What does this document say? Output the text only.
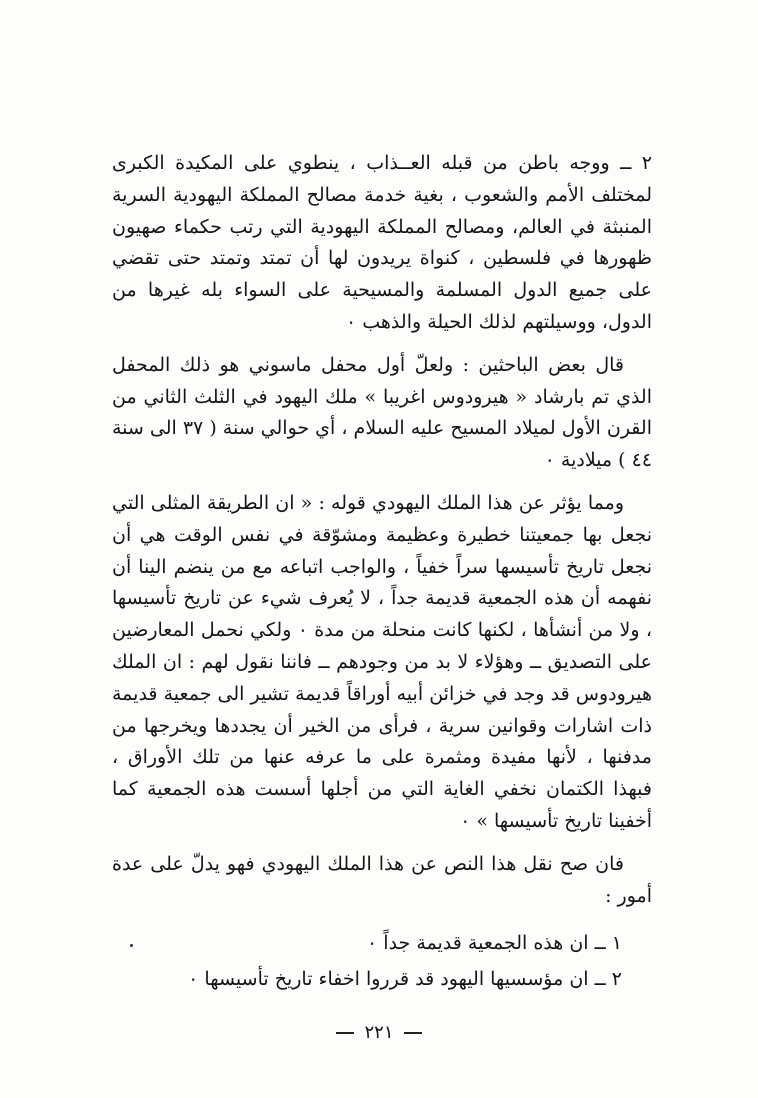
٢ ــ ووجه باطن من قبله العــذاب ، ينطوي على المكيدة الكبرى لمختلف الأمم والشعوب ، بغية خدمة مصالح المملكة اليهودية السرية المنبثة في العالم، ومصالح المملكة اليهودية التي رتب حكماء صهيون ظهورها في فلسطين ، كنواة يريدون لها أن تمتد وتمتد حتى تقضي على جميع الدول المسلمة والمسيحية على السواء بله غيرها من الدول، ووسيلتهم لذلك الحيلة والذهب ٠

قال بعض الباحثين : ولعلّ أول محفل ماسوني هو ذلك المحفل الذي تم بارشاد « هيرودوس اغريبا » ملك اليهود في الثلث الثاني من القرن الأول لميلاد المسيح عليه السلام ، أي حوالي سنة ( ٣٧ الى سنة ٤٤ ) ميلادية ٠

ومما يؤثر عن هذا الملك اليهودي قوله : « ان الطريقة المثلى التي نجعل بها جمعيتنا خطيرة وعظيمة ومشوّقة في نفس الوقت هي أن نجعل تاريخ تأسيسها سراً خفياً ، والواجب اتباعه مع من ينضم الينا أن نفهمه أن هذه الجمعية قديمة جداً ، لا يُعرف شيء عن تاريخ تأسيسها ، ولا من أنشأها ، لكنها كانت منحلة من مدة ٠ ولكي نحمل المعارضين على التصديق ــ وهؤلاء لا بد من وجودهم ــ فاننا نقول لهم : ان الملك هيرودوس قد وجد في خزائن أبيه أوراقاً قديمة تشير الى جمعية قديمة ذات اشارات وقوانين سرية ، فرأى من الخير أن يجددها ويخرجها من مدفنها ، لأنها مفيدة ومثمرة على ما عرفه عنها من تلك الأوراق ، فبهذا الكتمان نخفي الغاية التي من أجلها أسست هذه الجمعية كما أخفينا تاريخ تأسيسها » ٠

فان صح نقل هذا النص عن هذا الملك اليهودي فهو يدلّ على عدة أمور :

١ ــ ان هذه الجمعية قديمة جداً ٠
٢ ــ ان مؤسسيها اليهود قد قرروا اخفاء تاريخ تأسيسها ٠
٢٢١
